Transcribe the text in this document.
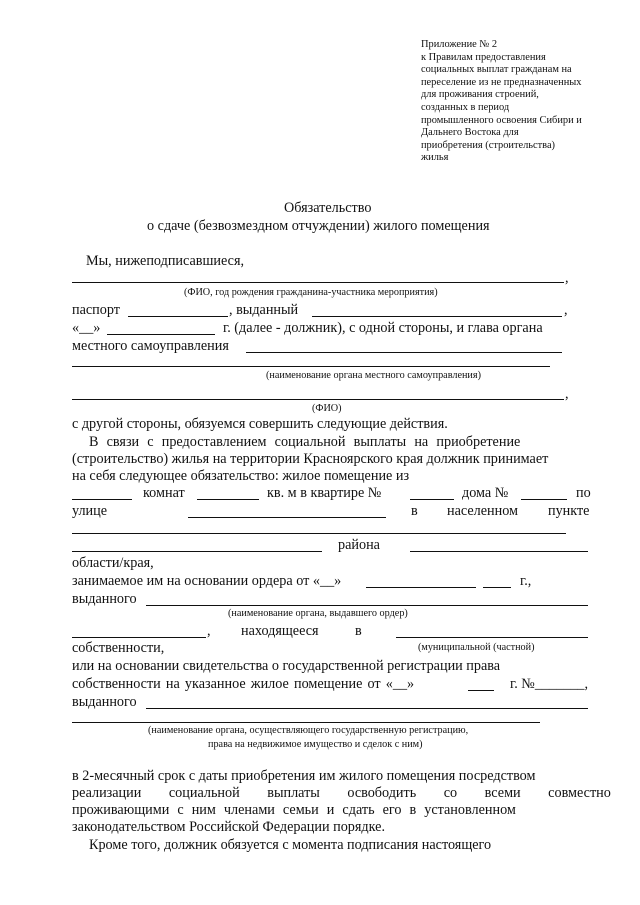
Приложение № 2
к Правилам предоставления
социальных выплат гражданам на
переселение из не предназначенных
для проживания строений,
созданных в период
промышленного освоения Сибири и
Дальнего Востока для
приобретения (строительства)
жилья
Обязательство
о сдаче (безвозмездном отчуждении) жилого помещения
Мы, нижеподписавшиеся,
,
(ФИО, год рождения гражданина-участника мероприятия)
паспорт	, выданный	,
«__»	г. (далее - должник), с одной стороны, и глава органа
местного самоуправления
(наименование органа местного самоуправления)
,
(ФИО)
с другой стороны, обязуемся совершить следующие действия.
В связи с предоставлением социальной выплаты на приобретение
(строительство) жилья на территории Красноярского края должник принимает
на себя следующее обязательство: жилое помещение из
комнат	кв. м в квартире №	дома №	по
улице	в населенном пункте
района
области/края,
занимаемое им на основании ордера от «__»	г.,
выданного
(наименование органа, выдавшего ордер)
, находящееся	в
собственности,	(муниципальной (частной)
или на основании свидетельства о государственной регистрации права
собственности на указанное жилое помещение от «__»	г. №_______,
выданного
(наименование органа, осуществляющего государственную регистрацию,
права на недвижимое имущество и сделок с ним)
в 2-месячный срок с даты приобретения им жилого помещения посредством
реализации социальной выплаты освободить со всеми совместно
проживающими с ним членами семьи и сдать его в установленном
законодательством Российской Федерации порядке.
Кроме того, должник обязуется с момента подписания настоящего
